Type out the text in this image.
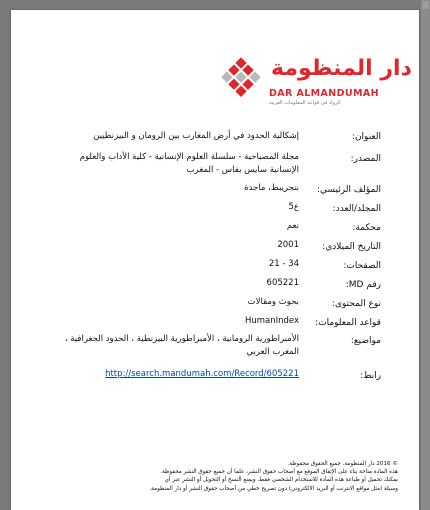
دار المنظومة
DAR ALMANDUMAH
الرواد في قواعد المعلومات العربية
العنوان:
إشكالية الحدود في أرض المغارب بين الرومان و البيزنطيين
المصدر:
مجلة المصباحية - سلسلة العلوم الإنسانية - كلية الآداب والعلوم الإنسانية سايس بفاس - المغرب
المؤلف الرئيسي:
بنجريبط، ماجدة
المجلد/العدد:
ع5
محكمة:
نعم
التاريخ الميلادي:
2001
الصفحات:
34 - 21
رقم MD:
605221
نوع المحتوى:
بحوث ومقالات
قواعد المعلومات:
HumanIndex
مواضيع:
الأمبراطورية الرومانية ، الأمبراطورية البيزنطية ، الحدود الجغرافية ، المغرب العربي
رابط:
http://search.mandumah.com/Record/605221
© 2016 دار المنظومة. جميع الحقوق محفوظة.
هذه المادة متاحة بناء على الإتفاق الموقع مع أصحاب حقوق النشر، علما أن جميع حقوق النشر محفوظة.
يمكنك تحميل أو طباعة هذه المادة للاستخدام الشخصي فقط، ويمنع النسخ أو التحويل أو النشر عبر أي
وسيلة (مثل مواقع الانترنت أو البريد الالكتروني) دون تصريح خطي من أصحاب حقوق النشر أو دار المنظومة.
